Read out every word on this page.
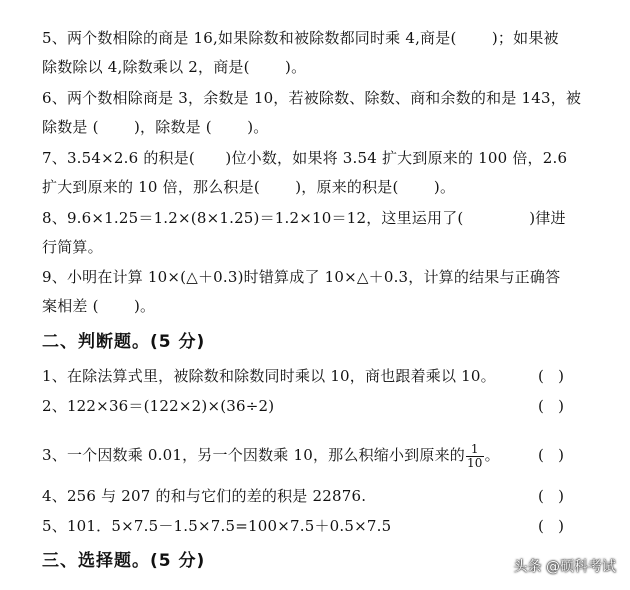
5、两个数相除的商是 16,如果除数和被除数都同时乘 4,商是(　　 )；如果被
除数除以 4,除数乘以 2，商是(　　 )。
6、两个数相除商是 3，余数是 10，若被除数、除数、商和余数的和是 143，被
除数是 (　　 )，除数是 (　　 )。
7、3.54×2.6 的积是(　　)位小数，如果将 3.54 扩大到原来的 100 倍，2.6
扩大到原来的 10 倍，那么积是(　　 )，原来的积是(　　 )。
8、9.6×1.25＝1.2×(8×1.25)＝1.2×10＝12，这里运用了(　　　　 )律进
行简算。
9、小明在计算 10×(△＋0.3)时错算成了 10×△＋0.3，计算的结果与正确答
案相差 (　　 )。
二、判断题。(5 分)
1、在除法算式里，被除数和除数同时乘以 10，商也跟着乘以 10。	(   )
2、122×36＝(122×2)×(36÷2)	(   )
3、一个因数乘 0.01，另一个因数乘 10，那么积缩小到原来的 $\frac{1}{10}$ 。	(   )
4、256 与 207 的和与它们的差的积是 22876.	(   )
5、101．5×7.5－1.5×7.5=100×7.5＋0.5×7.5	(   )
三、选择题。(5 分)	头条 @硕科考试
